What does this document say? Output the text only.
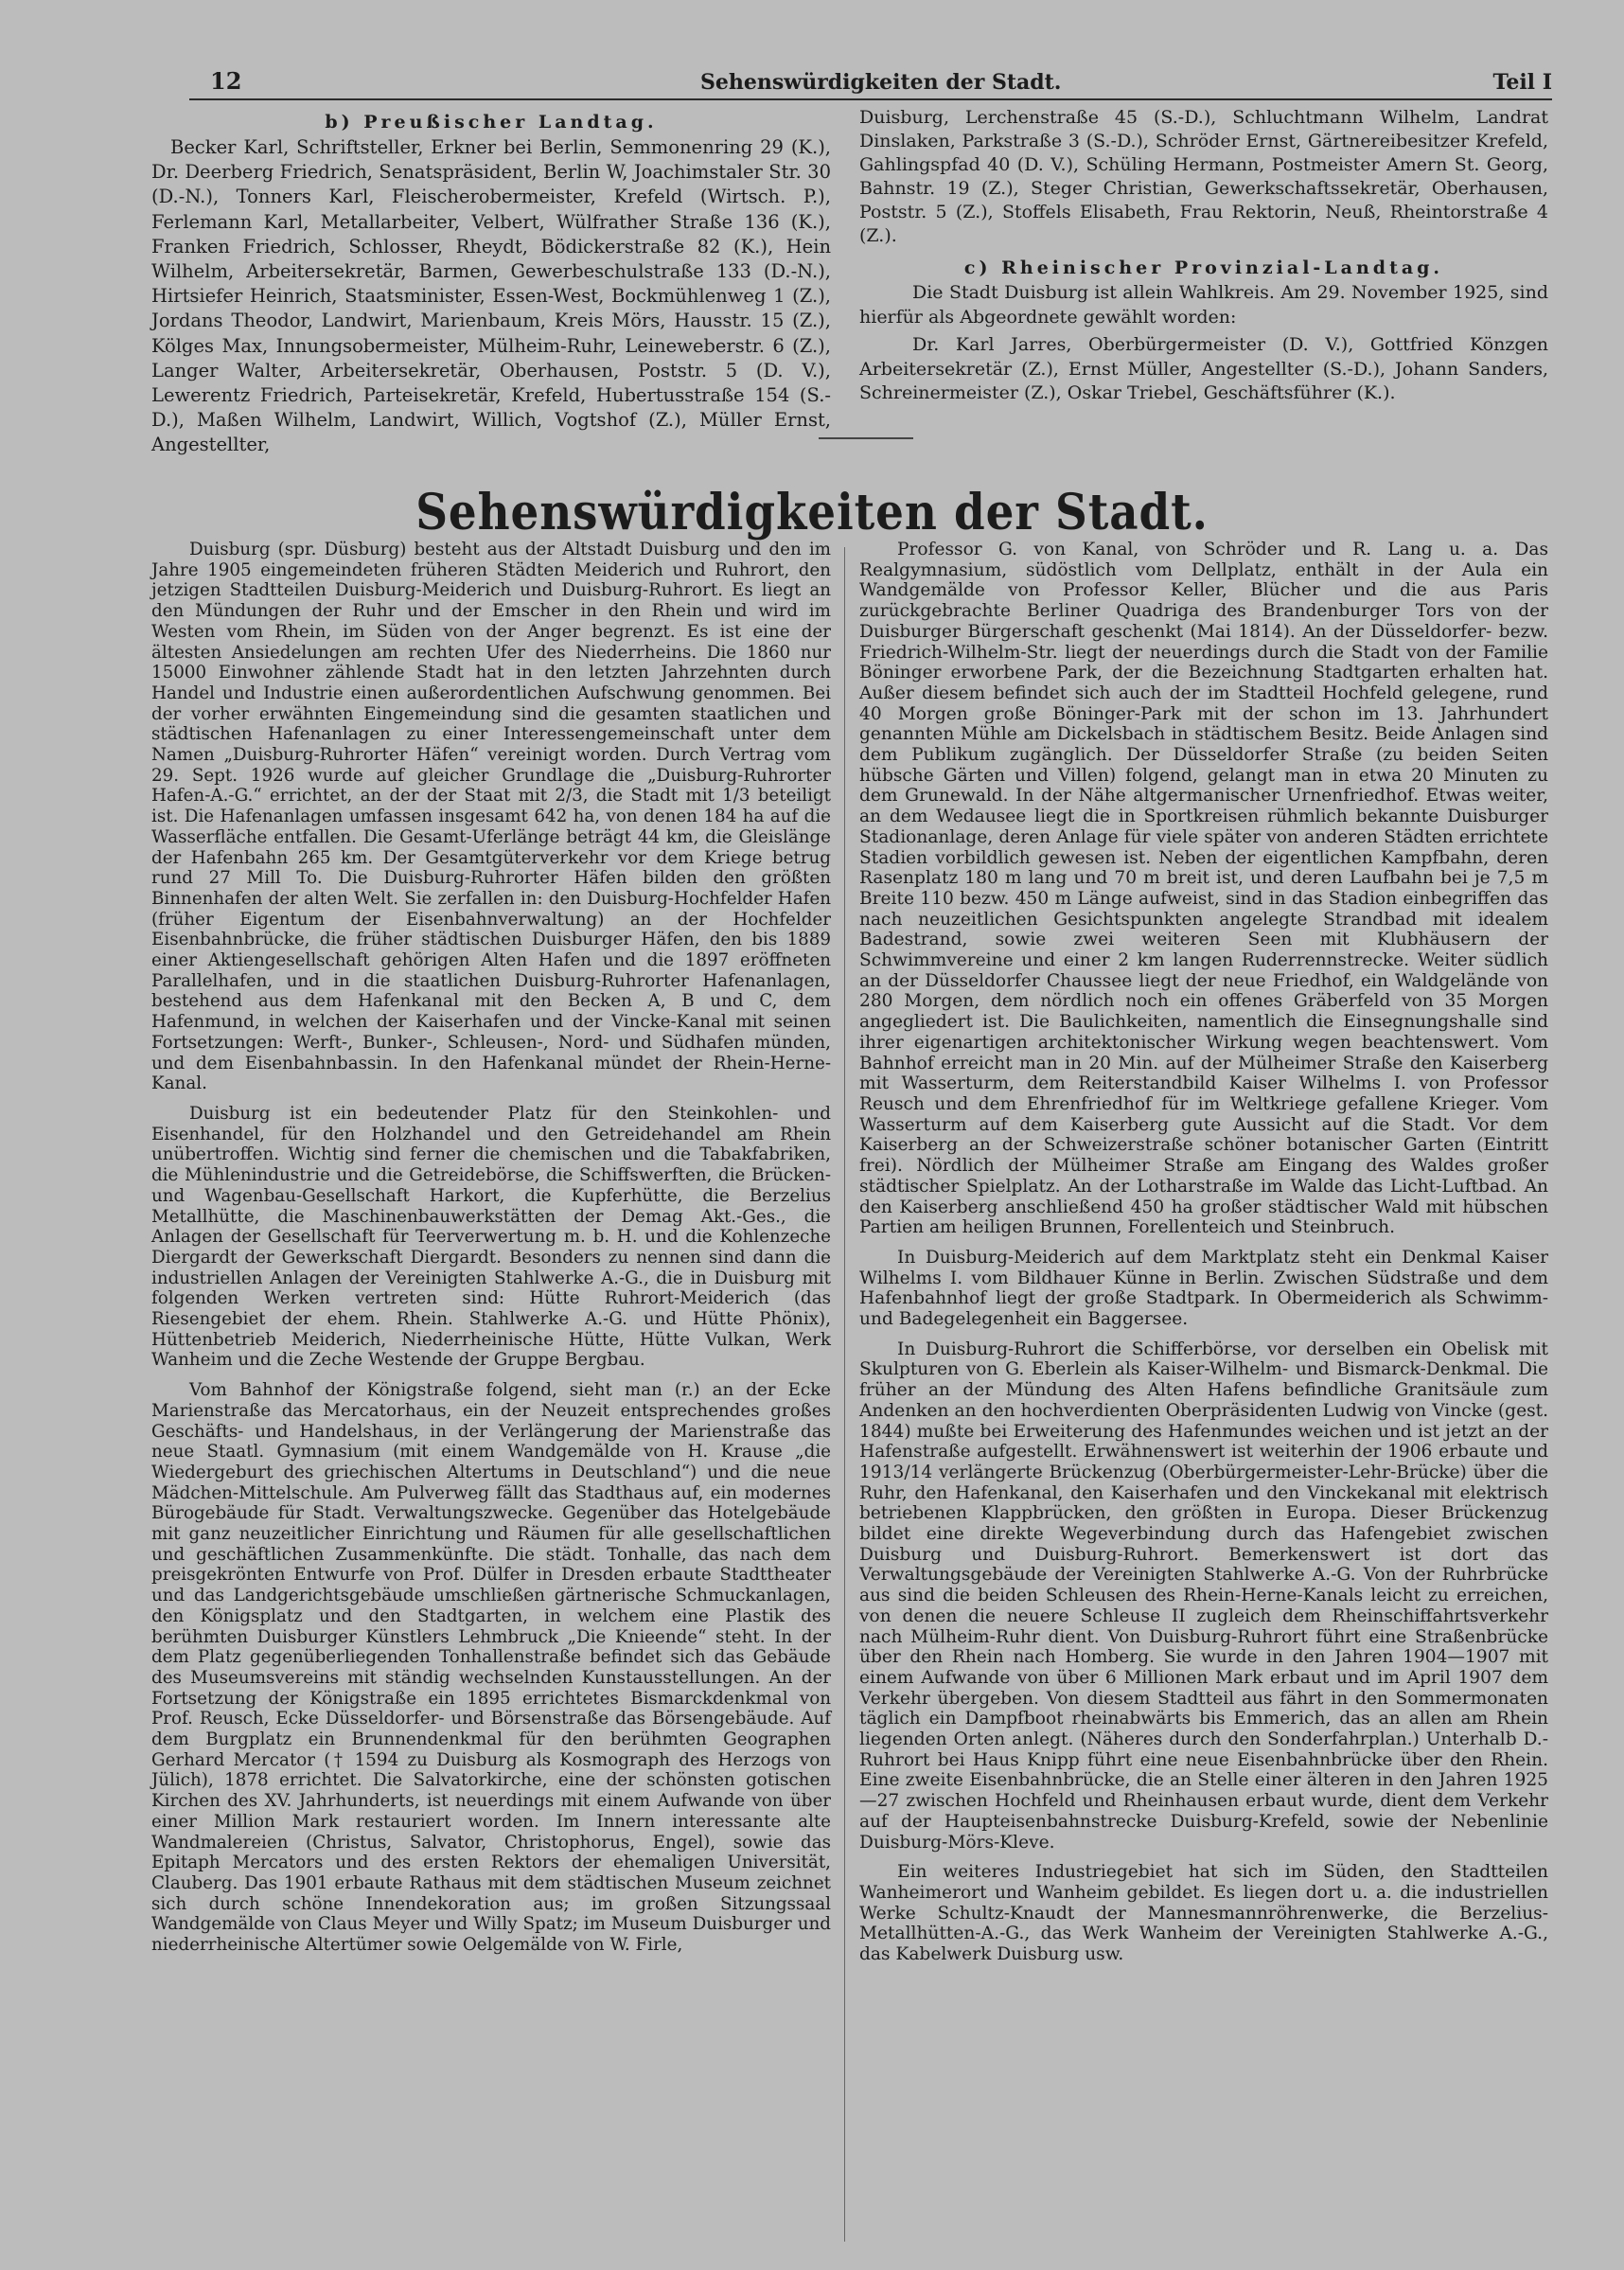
12	Sehenswürdigkeiten der Stadt.	Teil I

b) Preußischer Landtag.

Becker Karl, Schriftsteller, Erkner bei Berlin, Semmonenring 29 (K.), Dr. Deerberg Friedrich, Senatspräsident, Berlin W, Joachimstaler Str. 30 (D.-N.), Tonners Karl, Fleischerobermeister, Krefeld (Wirtsch. P.), Ferlemann Karl, Metallarbeiter, Velbert, Wülfrather Straße 136 (K.), Franken Friedrich, Schlosser, Rheydt, Bödickerstraße 82 (K.), Hein Wilhelm, Arbeitersekretär, Barmen, Gewerbeschulstraße 133 (D.-N.), Hirtsiefer Heinrich, Staatsminister, Essen-West, Bockmühlenweg 1 (Z.), Jordans Theodor, Landwirt, Marienbaum, Kreis Mörs, Hausstr. 15 (Z.), Kölges Max, Innungsobermeister, Mülheim-Ruhr, Leineweberstr. 6 (Z.), Langer Walter, Arbeitersekretär, Oberhausen, Poststr. 5 (D. V.), Lewerentz Friedrich, Parteisekretär, Krefeld, Hubertusstraße 154 (S.-D.), Maßen Wilhelm, Landwirt, Willich, Vogtshof (Z.), Müller Ernst, Angestellter,

Duisburg, Lerchenstraße 45 (S.-D.), Schluchtmann Wilhelm, Landrat Dinslaken, Parkstraße 3 (S.-D.), Schröder Ernst, Gärtnereibesitzer Krefeld, Gahlingspfad 40 (D. V.), Schüling Hermann, Postmeister Amern St. Georg, Bahnstr. 19 (Z.), Steger Christian, Gewerkschaftssekretär, Oberhausen, Poststr. 5 (Z.), Stoffels Elisabeth, Frau Rektorin, Neuß, Rheintorstraße 4 (Z.).

c) Rheinischer Provinzial-Landtag.

Die Stadt Duisburg ist allein Wahlkreis. Am 29. November 1925, sind hierfür als Abgeordnete gewählt worden:

Dr. Karl Jarres, Oberbürgermeister (D. V.), Gottfried Könzgen Arbeitersekretär (Z.), Ernst Müller, Angestellter (S.-D.), Johann Sanders, Schreinermeister (Z.), Oskar Triebel, Geschäftsführer (K.).

Sehenswürdigkeiten der Stadt.

Duisburg (spr. Düsburg) besteht aus der Altstadt Duisburg und den im Jahre 1905 eingemeindeten früheren Städten Meiderich und Ruhrort, den jetzigen Stadtteilen Duisburg-Meiderich und Duisburg-Ruhrort. Es liegt an den Mündungen der Ruhr und der Emscher in den Rhein und wird im Westen vom Rhein, im Süden von der Anger begrenzt. Es ist eine der ältesten Ansiedelungen am rechten Ufer des Niederrheins. Die 1860 nur 15000 Einwohner zählende Stadt hat in den letzten Jahrzehnten durch Handel und Industrie einen außerordentlichen Aufschwung genommen. Bei der vorher erwähnten Eingemeindung sind die gesamten staatlichen und städtischen Hafenanlagen zu einer Interessengemeinschaft unter dem Namen „Duisburg-Ruhrorter Häfen“ vereinigt worden. Durch Vertrag vom 29. Sept. 1926 wurde auf gleicher Grundlage die „Duisburg-Ruhrorter Hafen-A.-G.“ errichtet, an der der Staat mit 2/3, die Stadt mit 1/3 beteiligt ist. Die Hafenanlagen umfassen insgesamt 642 ha, von denen 184 ha auf die Wasserfläche entfallen. Die Gesamt-Uferlänge beträgt 44 km, die Gleislänge der Hafenbahn 265 km. Der Gesamtgüterverkehr vor dem Kriege betrug rund 27 Mill To. Die Duisburg-Ruhrorter Häfen bilden den größten Binnenhafen der alten Welt. Sie zerfallen in: den Duisburg-Hochfelder Hafen (früher Eigentum der Eisenbahnverwaltung) an der Hochfelder Eisenbahnbrücke, die früher städtischen Duisburger Häfen, den bis 1889 einer Aktiengesellschaft gehörigen Alten Hafen und die 1897 eröffneten Parallelhafen, und in die staatlichen Duisburg-Ruhrorter Hafenanlagen, bestehend aus dem Hafenkanal mit den Becken A, B und C, dem Hafenmund, in welchen der Kaiserhafen und der Vincke-Kanal mit seinen Fortsetzungen: Werft-, Bunker-, Schleusen-, Nord- und Südhafen münden, und dem Eisenbahnbassin. In den Hafenkanal mündet der Rhein-Herne-Kanal.

Duisburg ist ein bedeutender Platz für den Steinkohlen- und Eisenhandel, für den Holzhandel und den Getreidehandel am Rhein unübertroffen. Wichtig sind ferner die chemischen und die Tabakfabriken, die Mühlenindustrie und die Getreidebörse, die Schiffswerften, die Brücken- und Wagenbau-Gesellschaft Harkort, die Kupferhütte, die Berzelius Metallhütte, die Maschinenbauwerkstätten der Demag Akt.-Ges., die Anlagen der Gesellschaft für Teerverwertung m. b. H. und die Kohlenzeche Diergardt der Gewerkschaft Diergardt. Besonders zu nennen sind dann die industriellen Anlagen der Vereinigten Stahlwerke A.-G., die in Duisburg mit folgenden Werken vertreten sind: Hütte Ruhrort-Meiderich (das Riesengebiet der ehem. Rhein. Stahlwerke A.-G. und Hütte Phönix), Hüttenbetrieb Meiderich, Niederrheinische Hütte, Hütte Vulkan, Werk Wanheim und die Zeche Westende der Gruppe Bergbau.

Vom Bahnhof der Königstraße folgend, sieht man (r.) an der Ecke Marienstraße das Mercatorhaus, ein der Neuzeit entsprechendes großes Geschäfts- und Handelshaus, in der Verlängerung der Marienstraße das neue Staatl. Gymnasium (mit einem Wandgemälde von H. Krause „die Wiedergeburt des griechischen Altertums in Deutschland“) und die neue Mädchen-Mittelschule. Am Pulverweg fällt das Stadthaus auf, ein modernes Bürogebäude für Stadt. Verwaltungszwecke. Gegenüber das Hotelgebäude mit ganz neuzeitlicher Einrichtung und Räumen für alle gesellschaftlichen und geschäftlichen Zusammenkünfte. Die städt. Tonhalle, das nach dem preisgekrönten Entwurfe von Prof. Dülfer in Dresden erbaute Stadttheater und das Landgerichtsgebäude umschließen gärtnerische Schmuckanlagen, den Königsplatz und den Stadtgarten, in welchem eine Plastik des berühmten Duisburger Künstlers Lehmbruck „Die Knieende“ steht. In der dem Platz gegenüberliegenden Tonhallenstraße befindet sich das Gebäude des Museumsvereins mit ständig wechselnden Kunstausstellungen. An der Fortsetzung der Königstraße ein 1895 errichtetes Bismarckdenkmal von Prof. Reusch, Ecke Düsseldorfer- und Börsenstraße das Börsengebäude. Auf dem Burgplatz ein Brunnendenkmal für den berühmten Geographen Gerhard Mercator († 1594 zu Duisburg als Kosmograph des Herzogs von Jülich), 1878 errichtet. Die Salvatorkirche, eine der schönsten gotischen Kirchen des XV. Jahrhunderts, ist neuerdings mit einem Aufwande von über einer Million Mark restauriert worden. Im Innern interessante alte Wandmalereien (Christus, Salvator, Christophorus, Engel), sowie das Epitaph Mercators und des ersten Rektors der ehemaligen Universität, Clauberg. Das 1901 erbaute Rathaus mit dem städtischen Museum zeichnet sich durch schöne Innendekoration aus; im großen Sitzungssaal Wandgemälde von Claus Meyer und Willy Spatz; im Museum Duisburger und niederrheinische Altertümer sowie Oelgemälde von W. Firle,

Professor G. von Kanal, von Schröder und R. Lang u. a. Das Realgymnasium, südöstlich vom Dellplatz, enthält in der Aula ein Wandgemälde von Professor Keller, Blücher und die aus Paris zurückgebrachte Berliner Quadriga des Brandenburger Tors von der Duisburger Bürgerschaft geschenkt (Mai 1814). An der Düsseldorfer- bezw. Friedrich-Wilhelm-Str. liegt der neuerdings durch die Stadt von der Familie Böninger erworbene Park, der die Bezeichnung Stadtgarten erhalten hat. Außer diesem befindet sich auch der im Stadtteil Hochfeld gelegene, rund 40 Morgen große Böninger-Park mit der schon im 13. Jahrhundert genannten Mühle am Dickelsbach in städtischem Besitz. Beide Anlagen sind dem Publikum zugänglich. Der Düsseldorfer Straße (zu beiden Seiten hübsche Gärten und Villen) folgend, gelangt man in etwa 20 Minuten zu dem Grunewald. In der Nähe altgermanischer Urnenfriedhof. Etwas weiter, an dem Wedausee liegt die in Sportkreisen rühmlich bekannte Duisburger Stadionanlage, deren Anlage für viele später von anderen Städten errichtete Stadien vorbildlich gewesen ist. Neben der eigentlichen Kampfbahn, deren Rasenplatz 180 m lang und 70 m breit ist, und deren Laufbahn bei je 7,5 m Breite 110 bezw. 450 m Länge aufweist, sind in das Stadion einbegriffen das nach neuzeitlichen Gesichtspunkten angelegte Strandbad mit idealem Badestrand, sowie zwei weiteren Seen mit Klubhäusern der Schwimmvereine und einer 2 km langen Ruderrennstrecke. Weiter südlich an der Düsseldorfer Chaussee liegt der neue Friedhof, ein Waldgelände von 280 Morgen, dem nördlich noch ein offenes Gräberfeld von 35 Morgen angegliedert ist. Die Baulichkeiten, namentlich die Einsegnungshalle sind ihrer eigenartigen architektonischer Wirkung wegen beachtenswert. Vom Bahnhof erreicht man in 20 Min. auf der Mülheimer Straße den Kaiserberg mit Wasserturm, dem Reiterstandbild Kaiser Wilhelms I. von Professor Reusch und dem Ehrenfriedhof für im Weltkriege gefallene Krieger. Vom Wasserturm auf dem Kaiserberg gute Aussicht auf die Stadt. Vor dem Kaiserberg an der Schweizerstraße schöner botanischer Garten (Eintritt frei). Nördlich der Mülheimer Straße am Eingang des Waldes großer städtischer Spielplatz. An der Lotharstraße im Walde das Licht-Luftbad. An den Kaiserberg anschließend 450 ha großer städtischer Wald mit hübschen Partien am heiligen Brunnen, Forellenteich und Steinbruch.

In Duisburg-Meiderich auf dem Marktplatz steht ein Denkmal Kaiser Wilhelms I. vom Bildhauer Künne in Berlin. Zwischen Südstraße und dem Hafenbahnhof liegt der große Stadtpark. In Obermeiderich als Schwimm- und Badegelegenheit ein Baggersee.

In Duisburg-Ruhrort die Schifferbörse, vor derselben ein Obelisk mit Skulpturen von G. Eberlein als Kaiser-Wilhelm- und Bismarck-Denkmal. Die früher an der Mündung des Alten Hafens befindliche Granitsäule zum Andenken an den hochverdienten Oberpräsidenten Ludwig von Vincke (gest. 1844) mußte bei Erweiterung des Hafenmundes weichen und ist jetzt an der Hafenstraße aufgestellt. Erwähnenswert ist weiterhin der 1906 erbaute und 1913/14 verlängerte Brückenzug (Oberbürgermeister-Lehr-Brücke) über die Ruhr, den Hafenkanal, den Kaiserhafen und den Vinckekanal mit elektrisch betriebenen Klappbrücken, den größten in Europa. Dieser Brückenzug bildet eine direkte Wegeverbindung durch das Hafengebiet zwischen Duisburg und Duisburg-Ruhrort. Bemerkenswert ist dort das Verwaltungsgebäude der Vereinigten Stahlwerke A.-G. Von der Ruhrbrücke aus sind die beiden Schleusen des Rhein-Herne-Kanals leicht zu erreichen, von denen die neuere Schleuse II zugleich dem Rheinschiffahrtsverkehr nach Mülheim-Ruhr dient. Von Duisburg-Ruhrort führt eine Straßenbrücke über den Rhein nach Homberg. Sie wurde in den Jahren 1904—1907 mit einem Aufwande von über 6 Millionen Mark erbaut und im April 1907 dem Verkehr übergeben. Von diesem Stadtteil aus fährt in den Sommermonaten täglich ein Dampfboot rheinabwärts bis Emmerich, das an allen am Rhein liegenden Orten anlegt. (Näheres durch den Sonderfahrplan.) Unterhalb D.-Ruhrort bei Haus Knipp führt eine neue Eisenbahnbrücke über den Rhein. Eine zweite Eisenbahnbrücke, die an Stelle einer älteren in den Jahren 1925—27 zwischen Hochfeld und Rheinhausen erbaut wurde, dient dem Verkehr auf der Haupteisenbahnstrecke Duisburg-Krefeld, sowie der Nebenlinie Duisburg-Mörs-Kleve.

Ein weiteres Industriegebiet hat sich im Süden, den Stadtteilen Wanheimerort und Wanheim gebildet. Es liegen dort u. a. die industriellen Werke Schultz-Knaudt der Mannesmannröhrenwerke, die Berzelius-Metallhütten-A.-G., das Werk Wanheim der Vereinigten Stahlwerke A.-G., das Kabelwerk Duisburg usw.
